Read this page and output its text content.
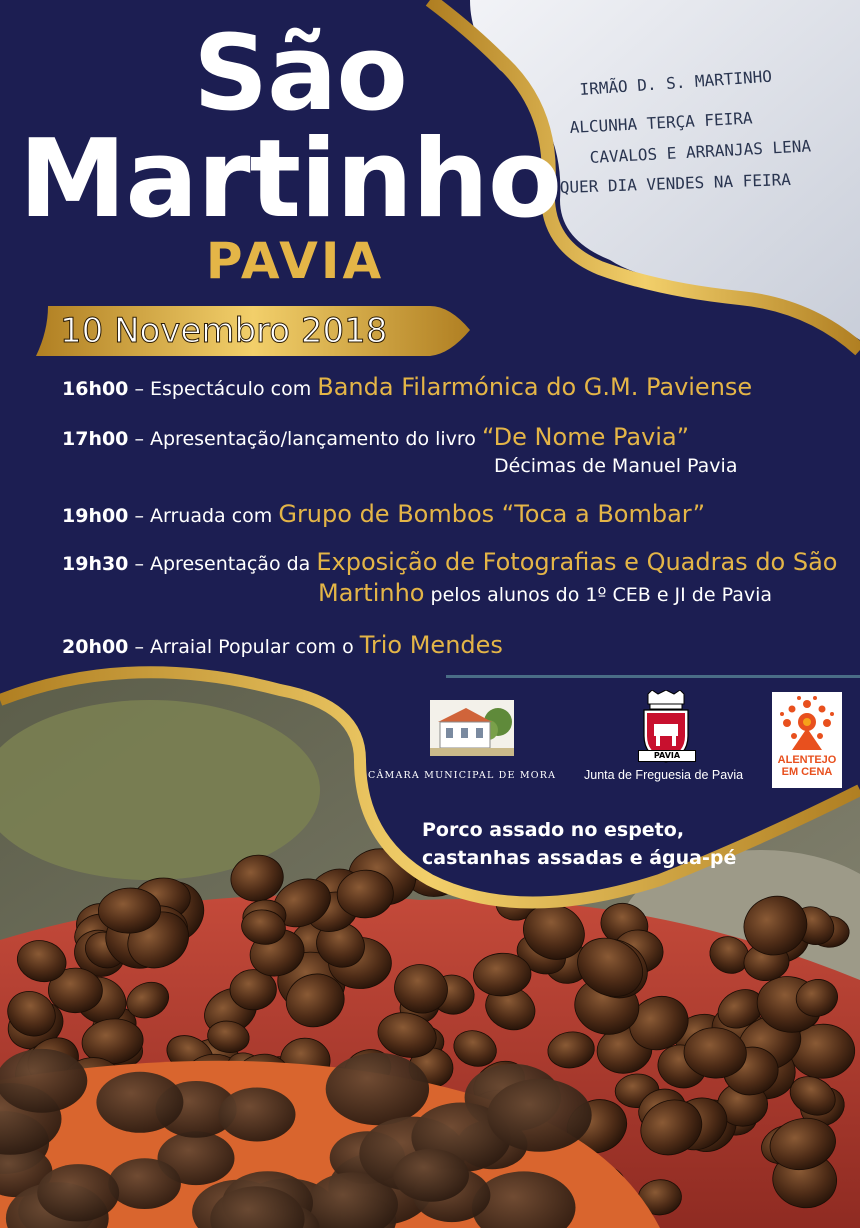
IRMÃO D. S. MARTINHO
ALCUNHA TERÇA FEIRA
CAVALOS E ARRANJAS LENA
QUER DIA VENDES NA FEIRA
São
Martinho
PAVIA
10 Novembro 2018
16h00 – Espectáculo com Banda Filarmónica do G.M. Paviense
17h00 – Apresentação/lançamento do livro “De Nome Pavia”
Décimas de Manuel Pavia
19h00 – Arruada com Grupo de Bombos “Toca a Bombar”
19h30 – Apresentação da Exposição de Fotografias e Quadras do São
Martinho pelos alunos do 1º CEB e JI de Pavia
20h00 – Arraial Popular com o Trio Mendes
CÂMARA MUNICIPAL DE MORA
PAVIA
Junta de Freguesia de Pavia
ALENTEJO
EM CENA
Porco assado no espeto,
castanhas assadas e água-pé
